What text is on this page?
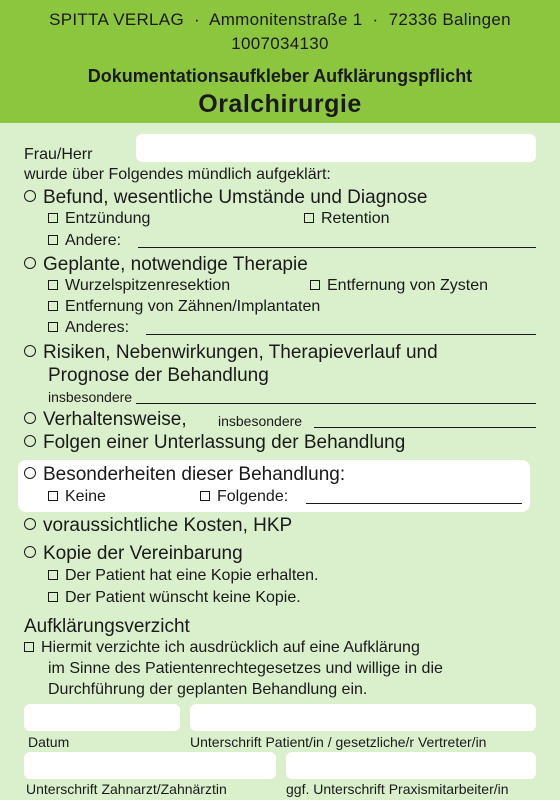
SPITTA VERLAG  ·  Ammonitenstraße 1  ·  72336 Balingen
1007034130
Dokumentationsaufkleber Aufklärungspflicht
Oralchirurgie
Frau/Herr
wurde über Folgendes mündlich aufgeklärt:
Befund, wesentliche Umstände und Diagnose
Entzündung	Retention
Andere:
Geplante, notwendige Therapie
Wurzelspitzenresektion	Entfernung von Zysten
Entfernung von Zähnen/Implantaten
Anderes:
Risiken, Nebenwirkungen, Therapieverlauf und
Prognose der Behandlung
insbesondere
Verhaltensweise, insbesondere
Folgen einer Unterlassung der Behandlung
Besonderheiten dieser Behandlung:
Keine	Folgende:
voraussichtliche Kosten, HKP
Kopie der Vereinbarung
Der Patient hat eine Kopie erhalten.
Der Patient wünscht keine Kopie.
Aufklärungsverzicht
Hiermit verzichte ich ausdrücklich auf eine Aufklärung
im Sinne des Patientenrechtegesetzes und willige in die
Durchführung der geplanten Behandlung ein.
Datum	Unterschrift Patient/in / gesetzliche/r Vertreter/in
Unterschrift Zahnarzt/Zahnärztin	ggf. Unterschrift Praxismitarbeiter/in
